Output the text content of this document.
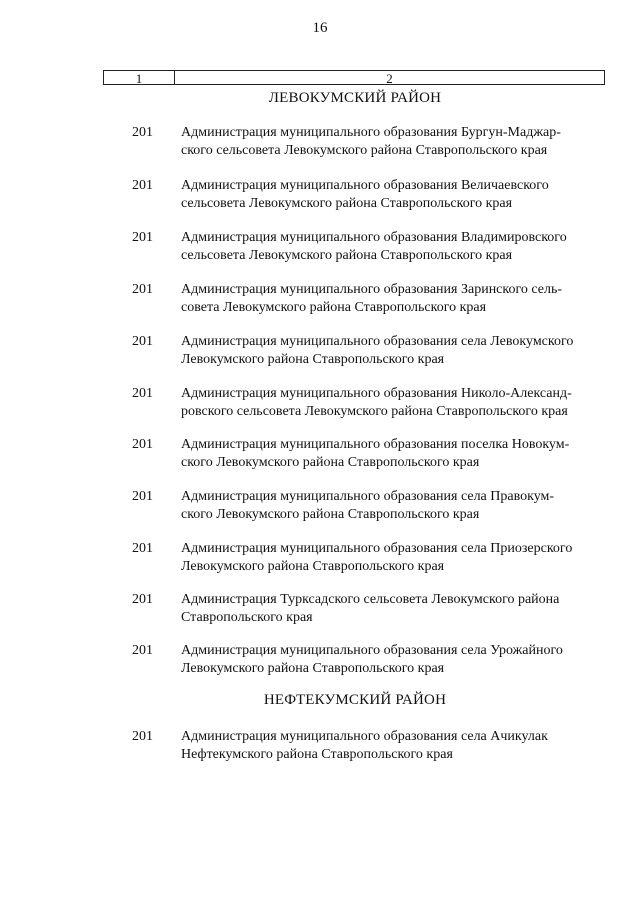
16
1	2
ЛЕВОКУМСКИЙ РАЙОН
201 Администрация муниципального образования Бургун-Маджар-
ского сельсовета Левокумского района Ставропольского края
201 Администрация муниципального образования Величаевского
сельсовета Левокумского района Ставропольского края
201 Администрация муниципального образования Владимировского
сельсовета Левокумского района Ставропольского края
201 Администрация муниципального образования Заринского сель-
совета Левокумского района Ставропольского края
201 Администрация муниципального образования села Левокумского
Левокумского района Ставропольского края
201 Администрация муниципального образования Николо-Александ-
ровского сельсовета Левокумского района Ставропольского края
201 Администрация муниципального образования поселка Новокум-
ского Левокумского района Ставропольского края
201 Администрация муниципального образования села Правокум-
ского Левокумского района Ставропольского края
201 Администрация муниципального образования села Приозерского
Левокумского района Ставропольского края
201 Администрация Турксадского сельсовета Левокумского района
Ставропольского края
201 Администрация муниципального образования села Урожайного
Левокумского района Ставропольского края
НЕФТЕКУМСКИЙ РАЙОН
201 Администрация муниципального образования села Ачикулак
Нефтекумского района Ставропольского края
